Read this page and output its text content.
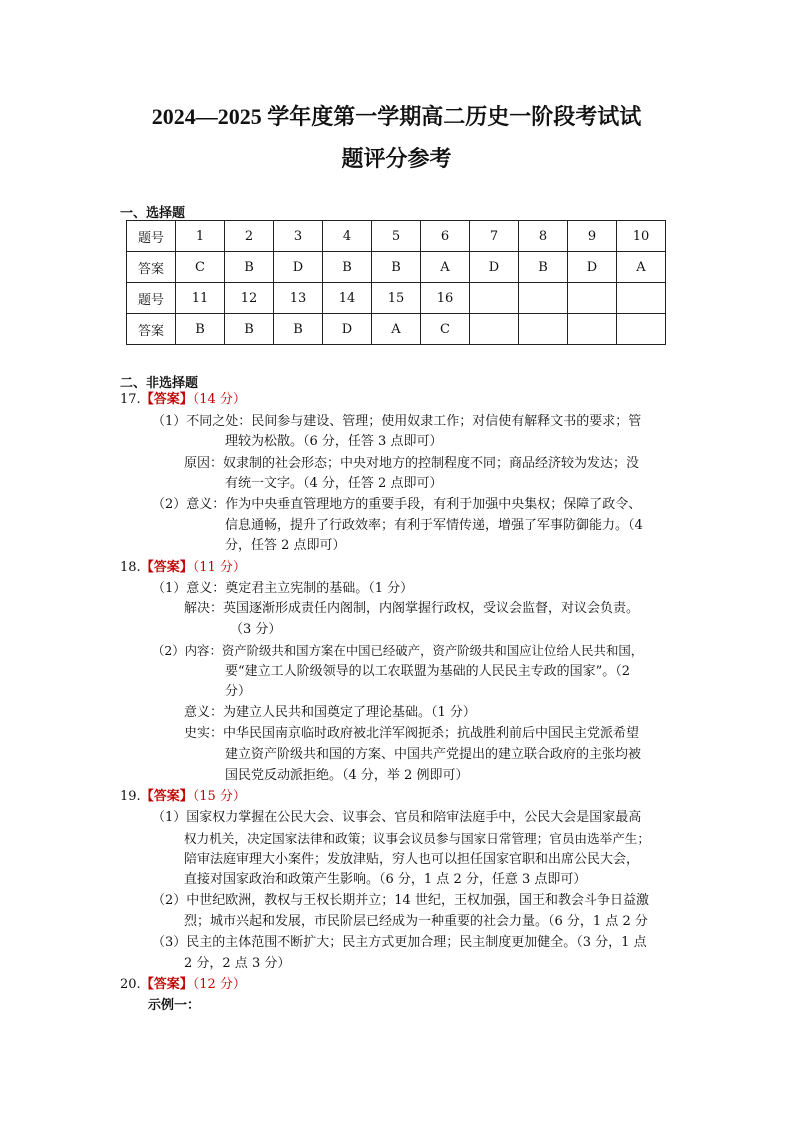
2024—2025 学年度第一学期高二历史一阶段考试试
题评分参考
一、选择题
题号	1	2	3	4	5	6	7	8	9	10
答案	C	B	D	B	B	A	D	B	D	A
题号	11	12	13	14	15	16				
答案	B	B	B	D	A	C				
二、非选择题
17.【答案】（14 分）
（1）不同之处：民间参与建设、管理；使用奴隶工作；对信使有解释文书的要求；管
理较为松散。（6 分，任答 3 点即可）
原因：奴隶制的社会形态；中央对地方的控制程度不同；商品经济较为发达；没
有统一文字。（4 分，任答 2 点即可）
（2）意义：作为中央垂直管理地方的重要手段，有利于加强中央集权；保障了政令、
信息通畅，提升了行政效率；有利于军情传递，增强了军事防御能力。（4
分，任答 2 点即可）
18.【答案】（11 分）
（1）意义：奠定君主立宪制的基础。（1 分）
解决：英国逐渐形成责任内阁制，内阁掌握行政权，受议会监督，对议会负责。
（3 分）
（2）内容：资产阶级共和国方案在中国已经破产，资产阶级共和国应让位给人民共和国，
要“建立工人阶级领导的以工农联盟为基础的人民民主专政的国家”。（2
分）
意义：为建立人民共和国奠定了理论基础。（1 分）
史实：中华民国南京临时政府被北洋军阀扼杀；抗战胜利前后中国民主党派希望
建立资产阶级共和国的方案、中国共产党提出的建立联合政府的主张均被
国民党反动派拒绝。（4 分，举 2 例即可）
19.【答案】（15 分）
（1）国家权力掌握在公民大会、议事会、官员和陪审法庭手中，公民大会是国家最高
权力机关，决定国家法律和政策；议事会议员参与国家日常管理；官员由选举产生；
陪审法庭审理大小案件；发放津贴，穷人也可以担任国家官职和出席公民大会，
直接对国家政治和政策产生影响。（6 分，1 点 2 分，任意 3 点即可）
（2）中世纪欧洲，教权与王权长期并立；14 世纪，王权加强，国王和教会斗争日益激
烈；城市兴起和发展，市民阶层已经成为一种重要的社会力量。（6 分，1 点 2 分
（3）民主的主体范围不断扩大；民主方式更加合理；民主制度更加健全。（3 分，1 点
2 分，2 点 3 分）
20.【答案】（12 分）
示例一：
